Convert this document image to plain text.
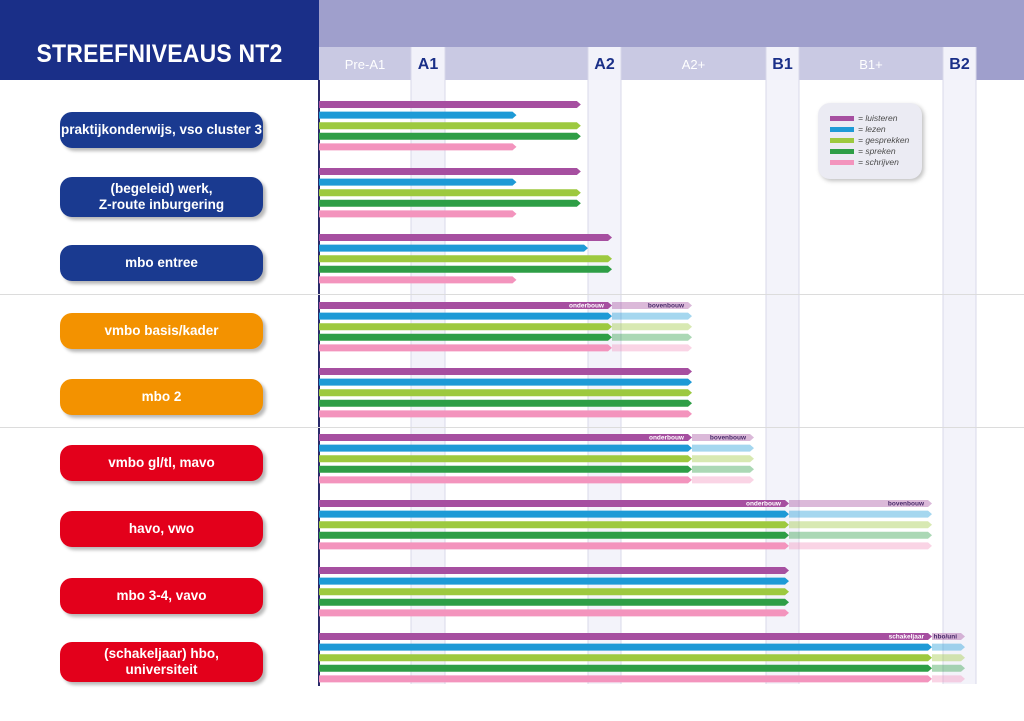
STREEFNIVEAUS NT2	Pre-A1 A1	A2	A2+	B1	B1+	B2
onderbouw	bovenbouw
onderbouw	bovenbouw
onderbouw	bovenbouw
schakeljaar hbo/uni
praktijkonderwijs, vso cluster 3
(begeleid) werk,
Z-route inburgering
mbo entree
vmbo basis/kader
mbo 2
vmbo gl/tl, mavo
havo, vwo
mbo 3-4, vavo
(schakeljaar) hbo,
universiteit
= luisteren
= lezen
= gesprekken
= spreken
= schrijven
